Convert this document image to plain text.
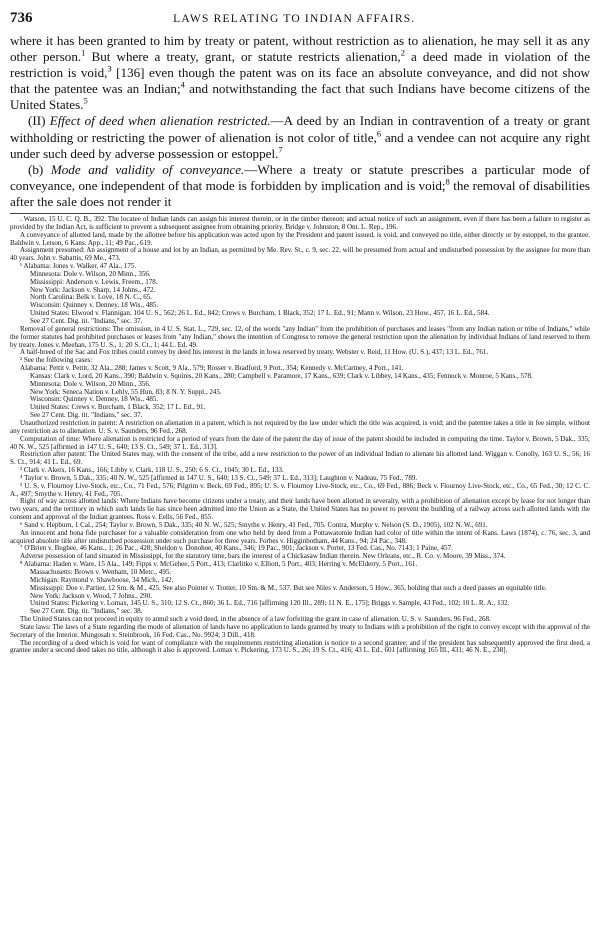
736	LAWS RELATING TO INDIAN AFFAIRS.

where it has been granted to him by treaty or patent, without restriction as to alienation, he may sell it as any other person.$^1$ But where a treaty, grant, or statute restricts alienation,$^2$ a deed made in violation of the restriction is void,$^3$ [136] even though the patent was on its face an absolute conveyance, and did not show that the patentee was an Indian;$^4$ and notwithstanding the fact that such Indians have become citizens of the United States.$^5$

(II) Effect of deed when alienation restricted.—A deed by an Indian in contravention of a treaty or grant withholding or restricting the power of alienation is not color of title,$^6$ and a vendee can not acquire any right under such deed by adverse possession or estoppel.$^7$

(b) Mode and validity of conveyance.—Where a treaty or statute prescribes a particular mode of conveyance, one independent of that mode is forbidden by implication and is void;$^8$ the removal of disabilities after the sale does not render it

. Watson, 15 U. C. Q. B., 392. The locatee of Indian lands can assign his interest therein, or in the timber thereon; and actual notice of such an assignment, even if there has been a failure to register as provided by the Indian Act, is sufficient to prevent a subsequent assignee from obtaining priority. Bridge v. Johnston, 8 Ont. L. Rep., 196.
A conveyance of allotted land, made by the allottee before his application was acted upon by the President and patent issued, is void, and conveyed no title, either directly or by estoppel, to the grantee. Baldwin v. Letson, 6 Kans. App., 11; 49 Pac., 619.
Assignment presumed: An assignment of a house and lot by an Indian, as permitted by Me. Rev. St., c. 9, sec. 22, will be presumed from actual and undisturbed possession by the assignee for more than 40 years. John v. Sabattis, 69 Me., 473.
¹ Alabama: Jones v. Walker, 47 Ala., 175.
Minnesota: Dole v. Wilson, 20 Minn., 356.
Mississippi: Anderson v. Lewis, Freem., 178.
New York: Jackson v. Sharp, 14 Johns., 472.
North Carolina: Belk v. Love, 18 N. C., 65.
Wisconsin: Quinney v. Denney, 18 Wis., 485.
United States: Elwood v. Flannigan, 104 U. S., 562; 26 L. Ed., 842; Crews v. Burcham, 1 Black, 352; 17 L. Ed., 91; Mann v. Wilson, 23 How., 457, 16 L. Ed., 584.
See 27 Cent. Dig. tit. "Indians," sec. 37.
Removal of general restrictions: The omission, in 4 U. S. Stat. L., 729, sec. 12, of the words "any Indian" from the prohibition of purchases and leases "from any Indian nation or tribe of Indians," while the former statutes had prohibited purchases or leases from "any Indian," shows the intention of Congress to remove the general restriction upon the alienation by individual Indians of land reserved to them by treaty. Jones v. Meehan, 175 U. S., 1; 20 S. Ct., 1; 44 L. Ed. 49.
A half-breed of the Sac and Fox tribes could convey by deed his interest in the lands in Iowa reserved by treaty. Webster v. Reid, 11 How. (U. S.), 437; 13 L. Ed., 761.
² See the following cases:
Alabama: Pettit v. Pettit, 32 Ala., 288; James v. Scott, 9 Ala., 579; Rosser v. Bradford, 9 Port., 354; Kennedy v. McCartney, 4 Port., 141.
Kansas: Clark v. Lord, 20 Kans., 390; Baldwin v. Squires, 20 Kans., 280; Campbell v. Paramore, 17 Kans., 639; Clark v. Libbey, 14 Kans., 435; Fennock v. Monroe, 5 Kans., 578.
Minnesota: Dole v. Wilson, 20 Minn., 356.
New York: Seneca Nation v. Lehly, 55 Hun, 83; 8 N. Y. Suppl., 245.
Wisconsin: Quinney v. Denney, 18 Wis., 485.
United States: Crews v. Burcham, 1 Black, 352; 17 L. Ed., 91.
See 27 Cent. Dig. tit. "Indians," sec. 37.
Unauthorized restriction in patent: A restriction on alienation in a patent, which is not required by the law under which the title was acquired, is void; and the patentee takes a title in fee simple, without any restriction as to alienation. U. S. v. Saunders, 96 Fed., 268.
Computation of time: Where alienation is restricted for a period of years from the date of the patent the day of issue of the patent should be included in computing the time. Taylor v. Brown, 5 Dak., 335; 40 N. W., 525 [affirmed in 147 U. S., 640; 13 S. Ct., 549; 37 L. Ed., 313].
Restriction after patent: The United States may, with the consent of the tribe, add a new restriction to the power of an individual Indian to alienate his allotted land. Wiggan v. Conolly, 163 U. S., 56; 16 S. Ct., 914; 41 L. Ed., 69.
³ Clark v. Akers, 16 Kans., 166; Libby v. Clark, 118 U. S., 250; 6 S. Ct., 1045; 30 L. Ed., 133.
⁴ Taylor v. Brown, 5 Dak., 335; 40 N. W., 525 [affirmed in 147 U. S., 640; 13 S. Ct., 549; 37 L. Ed., 313]; Laughton v. Nadeau, 75 Fed., 789.
⁵ U. S. v. Flournoy Live-Stock, etc., Co., 71 Fed., 576; Pilgrim v. Beck, 69 Fed., 895; U. S. v. Flournoy Live-Stock, etc., Co., 69 Fed., 886; Beck v. Flournoy Live-Stock, etc., Co., 65 Fed., 30; 12 C. C. A., 497; Smythe v. Henry, 41 Fed., 705.
Right of way across allotted lands: Where Indians have become citizens under a treaty, and their lands have been allotted in severalty, with a prohibition of alienation except by lease for not longer than two years, and the territory in which such lands lie has since been admitted into the Union as a State, the United States has no power to prevent the building of a railway across such allotted lands with the consent and approval of the Indian grantees. Ross v. Eells, 56 Fed., 855.
⁶ Sand v. Hepburn, 1 Cal., 254; Taylor v. Brown, 5 Dak., 335; 40 N. W., 525; Smythe v. Henry, 41 Fed., 705. Contra, Murphy v. Nelson (S. D., 1905), 102 N. W., 691.
An innocent and bona fide purchaser for a valuable consideration from one who held by deed from a Pottawatomie Indian had color of title within the intent of Kans. Laws (1874), c. 76, sec. 3, and acquired absolute title after undisturbed possession under such purchase for three years. Forbes v. Higginbotham, 44 Kans., 94; 24 Pac., 348.
⁷ O'Brien v. Bugbee, 46 Kans., 1; 26 Pac., 428; Sheldon v. Donohoe, 40 Kans., 346; 19 Pac., 901; Jackson v. Porter, 13 Fed. Cas., No. 7143; 1 Paine, 457.
Adverse possession of land situated in Mississippi, for the statutory time, bars the interest of a Chickasaw Indian therein. New Orleans, etc., R. Co. v. Moore, 39 Miss., 374.
⁸ Alabama: Haden v. Ware, 15 Ala., 149; Fipps v. McGehee, 5 Port., 413; Clarlitko v. Elliott, 5 Port., 403; Herring v. McElderry, 5 Port., 161.
Massachusetts: Brown v. Wenham, 10 Metc., 495.
Michigan: Raymond v. Shawboose, 34 Mich., 142.
Mississippi: Doe v. Partier, 12 Sm. & M., 425. See also Pointer v. Trotter, 10 Sm. & M., 537. But see Niles v. Anderson, 5 How., 365, holding that such a deed passes an equitable title.
New York: Jackson v. Wood, 7 Johns., 290.
United States: Pickering v. Lomax, 145 U. S., 310; 12 S. Ct., 860; 36 L. Ed., 716 [affirming 120 Ill., 289; 11 N. E., 175]; Briggs v. Sample, 43 Fed., 102; 10 L. R. A., 132.
See 27 Cent. Dig. tit. "Indians," sec. 38.
The United States can not proceed in equity to annul such a void deed, in the absence of a law forfeiting the grant in case of alienation. U. S. v. Saunders, 96 Fed., 268.
State laws: The laws of a State regarding the mode of alienation of lands have no application to lands granted by treaty to Indians with a prohibition of the right to convey except with the approval of the Secretary of the Interior. Mungosah v. Steinbrook, 16 Fed. Cas., No. 9924; 3 Dill., 418.
The recording of a deed which is void for want of compliance with the requirements restricting alienation is notice to a second grantee; and if the president has subsequently approved the first deed, a grantee under a second deed takes no title, although it also is approved. Lomax v. Pickering, 173 U. S., 26; 19 S. Ct., 416; 43 L. Ed., 601 [affirming 165 Ill., 431; 46 N. E., 238].
